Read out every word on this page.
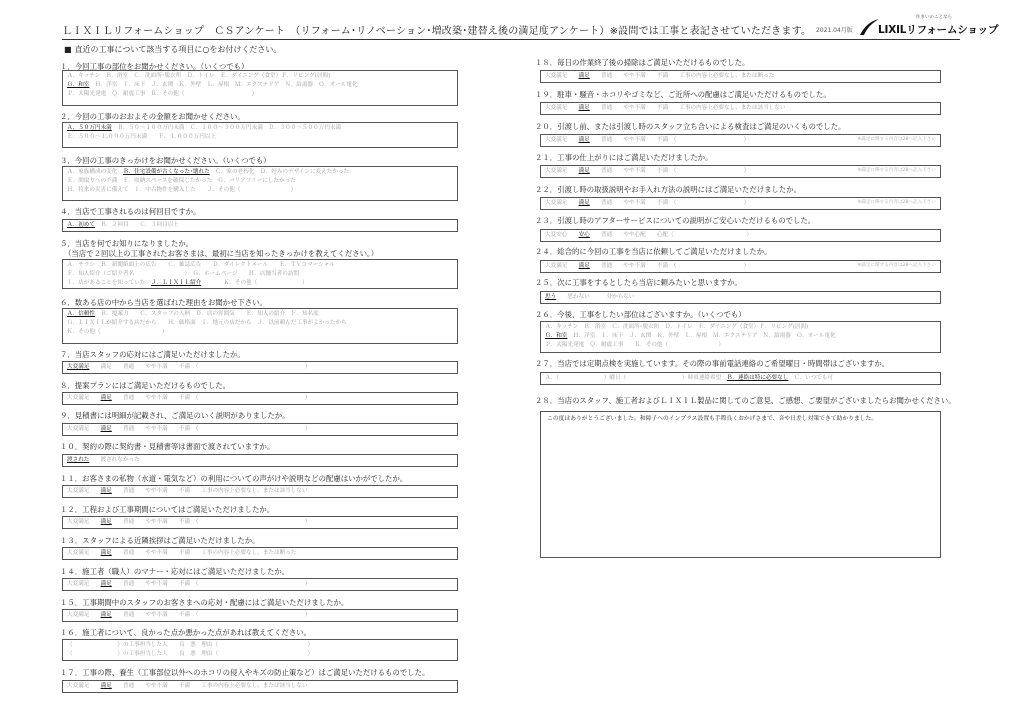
ＬＩＸＩＬリフォームショップ　ＣＳアンケート　（リフォーム･リノベーション･増改築･建替え後の満足度アンケート）※設問では工事と表記させていただきます。 2021.04月版
住まいのことなら
LIXILリフォームショップ
■ 直近の工事について該当する項目に○をお付けください。
１．今回工事の部位をお聞かせください。（いくつでも）
Ａ．キッチン　Ｂ．浴室　Ｃ．洗面所･脱衣所　Ｄ．トイレ　Ｅ．ダイニング（食堂）Ｆ．リビング(居間)
Ｇ．和室　Ｈ．洋室　Ｉ．床下　Ｊ．玄関　Ｋ．外壁　Ｌ．屋根　Ｍ．エクステリア　Ｎ．給湯器　Ｏ．オール電化
Ｐ．太陽光発電　Ｑ．耐震工事　Ｒ．その他（　　　　　　　　　　　　）
２．今回の工事のおおよその金額をお聞かせください。
Ａ．５０万円未満　Ｂ．５０～１００万円未満　Ｃ．１００～３００万円未満　Ｄ．３００～５００万円未満
Ｅ．５００～１,０００万円未満　　Ｆ．１,０００万円以上
３．今回の工事のきっかけをお聞かせください。（いくつでも）
Ａ．家族構成の変化　Ｂ．住宅設備が古くなった･壊れた　Ｃ．家の老朽化　Ｄ．好みのデザインに変えたかった
Ｅ．間取りへの不満　Ｆ．収納スペースを確保したかった　Ｇ．バリアフリーにしたかった
Ｈ．将来の災害に備えて　Ｉ．中古物件を購入した　　Ｊ．その他（　　　　　　　　　）
４．当店で工事されるのは何回目ですか。
Ａ．初めて　Ｂ．２回目　　Ｃ．３回目以上
５．当店を何でお知りになりましたか。
（当店で２回以上の工事されたお客さまは、最初に当店を知ったきっかけを教えてください。）
Ａ．チラシ　Ｂ．新聞紙面上の広告　　Ｃ．雑誌広告　　Ｄ．ダイレクトメール　　Ｅ．ＴＶコマーシャル
Ｆ．知人紹介（ご紹介者名　　　　　　　　　）　Ｇ．ホームページ　　Ｈ．店舗当者の訪問
Ｉ．店があることを知っていた　Ｊ．ＬＩＸＩＬ紹介　　　　Ｋ．その他（　　　　　　　　）
６．数ある店の中から当店を選ばれた理由をお聞かせ下さい。
Ａ．信頼性　Ｂ．提案力　　Ｃ．スタッフの人柄　Ｄ．店の雰囲気　　Ｅ．知人の紹介　Ｆ．知名度
Ｇ．ＬＩＸＩＬが紹介する店だから　　Ｈ．価格面　Ｉ．地元の店だから　Ｊ．以前頼んだ工事がよかったから
Ｋ．その他（　　　　　　　　　　　）
７．当店スタッフの応対にはご満足いただけましたか。
大変満足　　満足　　普通　　やや不満　　不満　（　　　　　　　　　　　　　　　　　　　）
８．提案プランにはご満足いただけるものでした。
大変満足　　満足　　普通　　やや不満　　不満　（　　　　　　　　　　　　　　　　　　　）
９．見積書には明細が記載され、ご満足のいく説明がありましたか。
大変満足　　満足　　普通　　やや不満　　不満　（　　　　　　　　　　　　　　　　　　　）
１０．契約の際に契約書・見積書等は書面で渡されていますか。
渡された　　渡されなかった
１１．お客さまの私物（水道・電気など）の利用についての声がけや説明などの配慮はいかがでしたか。
大変満足　　満足　　普通　　やや不満　　不満　　工事の内容上必要なし、または該当しない
１２．工程および工事期間についてはご満足いただけましたか。
大変満足　　満足　　普通　　やや不満　　不満　（　　　　　　　　　　　　　　　　　　　）
１３．スタッフによる近隣挨拶はご満足いただけましたか。
大変満足　　満足　　普通　　やや不満　　不満　　工事の内容上必要なし、または断った
１４．施工者（職人）のマナー・応対にはご満足いただけましたか。
大変満足　　満足　　普通　　やや不満　　不満　（　　　　　　　　　　　　　　　　　　　）
１５．工事期間中のスタッフのお客さまへの応対・配慮にはご満足いただけましたか。
大変満足　　満足　　普通　　やや不満　　不満　（　　　　　　　　　　　　　　　　　　　）
１６．施工者について、良かった点か悪かった点があれば教えてください。
（　　　　　　　　）の工事担当した人　　良　悪　理由（　　　　　　　　　　　　　　　　）
（　　　　　　　　）の工事担当した人　　良　悪　理由（　　　　　　　　　　　　　　　　）
１７．工事の際、養生（工事部位以外へのホコリの侵入やキズの防止策など）はご満足いただけるものでした。
大変満足　　満足　　普通　　やや不満　　不満　　工事の内容上必要なし、または該当しない
１８．毎日の作業終了後の掃除はご満足いただけるものでした。
大変満足　　満足　　普通　　やや不満　　不満　　工事の内容上必要なし、または断った
１９．駐車・騒音・ホコリやゴミなど、ご近所への配慮はご満足いただけるものでした。
大変満足　　満足　　普通　　やや不満　　不満　　工事の内容上必要なし、または該当しない
２０．引渡し前、または引渡し時のスタッフ立ち合いによる検査はご満足のいくものでした。
※満足に関する内容は28へ記入下さい
大変満足　　満足　　普通　　やや不満　　不満　（　　　　　　　　　　　　）
２１．工事の仕上がりにはご満足いただけましたか。
※満足に関する内容は28へ記入下さい
大変満足　　満足　　普通　　やや不満　　不満　（　　　　　　　　　　　　）
２２．引渡し時の取扱説明やお手入れ方法の説明にはご満足いただけましたか。
※満足に関する内容は28へ記入下さい
大変満足　　満足　　普通　　やや不満　　不満　（　　　　　　　　　　　　）
２３．引渡し時のアフターサービスについての説明がご安心いただけるものでした。
大変安心　　安心　　普通　　やや心配　　心配（　　　　　　　　　　　　　）
２４．総合的に今回の工事を当店に依頼してご満足いただけましたか。
※満足に関する内容は28へ記入下さい
大変満足　　満足　　普通　　やや不満　　不満　（　　　　　　　　　　　　）
２５．次に工事をするとしたら当店に頼みたいと思いますか。
思う　　思わない　　　分からない
２６．今後、工事をしたい部位はございますか。（いくつでも）
Ａ．キッチン　Ｂ．浴室　Ｃ．洗面所･脱衣所　Ｄ．トイレ　Ｅ．ダイニング（食堂）Ｆ．リビング(居間)
Ｇ．和室　Ｈ．洋室　Ｉ．床下　Ｊ．玄関　Ｋ．外壁　Ｌ．屋根　Ｍ．エクステリア　Ｎ．給湯器　Ｏ．オール電化
Ｐ．太陽光発電　Ｑ．耐震工事　　Ｒ．その他（　　　　　　　　　）
２７．当店では定期点検を実施しています。その際の事前電話連絡のご希望曜日・時間帯はございますか。
Ａ．（　　　　　　　　）曜日（　　　　　　　　　　）時頃連絡希望　Ｂ．連絡は特に必要なし　Ｃ．いつでも可
２８．当店のスタッフ、施工者およびＬＩＸＩＬ製品に関してのご意見、ご感想、ご要望がございましたらお聞かせください。
この度はありがとうございました。和障子へのインプラス設置も手際良くおかげさまで、音や日差し対策できて助かりました。
